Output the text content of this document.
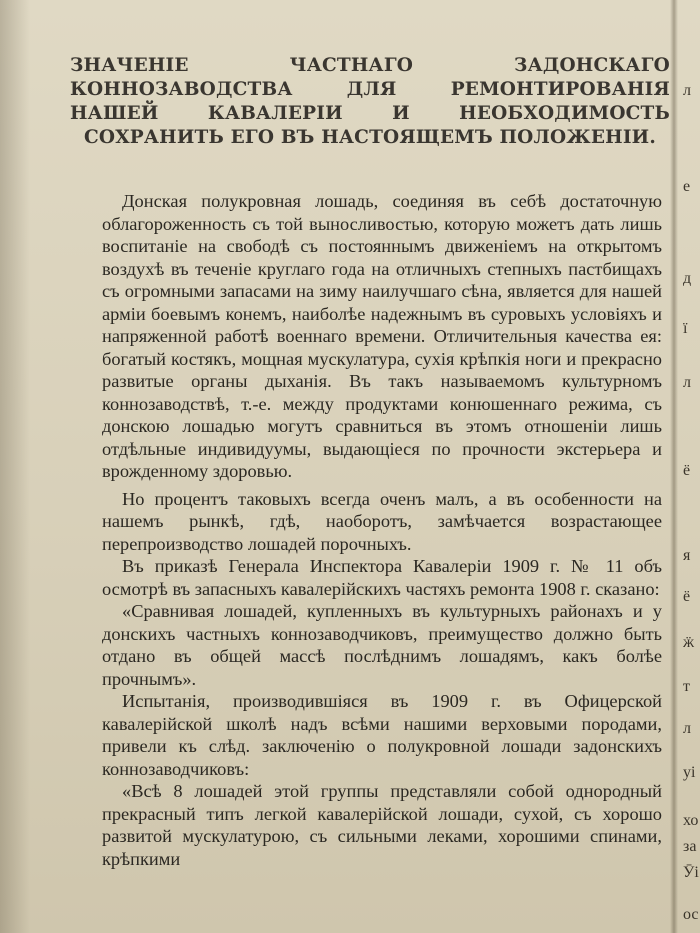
ЗНАЧЕНІЕ ЧАСТНАГО ЗАДОНСКАГО КОННОЗАВОДСТВА ДЛЯ РЕМОНТИРОВАНІЯ НАШЕЙ КАВАЛЕРІИ И НЕОБХОДИМОСТЬ СОХРАНИТЬ ЕГО ВЪ НАСТОЯЩЕМЪ ПОЛОЖЕНІИ.

Донская полукровная лошадь, соединяя въ себѣ достаточную облагороженность съ той выносливостью, которую можетъ дать лишь воспитаніе на свободѣ съ постояннымъ движеніемъ на открытомъ воздухѣ въ теченіе круглаго года на отличныхъ степныхъ пастбищахъ съ огромными запасами на зиму наилучшаго сѣна, является для нашей арміи боевымъ конемъ, наиболѣе надежнымъ въ суровыхъ условіяхъ и напряженной работѣ военнаго времени. Отличительныя качества ея: богатый костякъ, мощная мускулатура, сухія крѣпкія ноги и прекрасно развитые органы дыханія. Въ такъ называемомъ культурномъ коннозаводствѣ, т.-е. между продуктами конюшеннаго режима, съ донскою лошадью могутъ сравниться въ этомъ отношеніи лишь отдѣльные индивидуумы, выдающіеся по прочности экстерьера и врожденному здоровью.

Но процентъ таковыхъ всегда оченъ малъ, а въ особенности на нашемъ рынкѣ, гдѣ, наоборотъ, замѣчается возрастающее перепроизводство лошадей порочныхъ.

Въ приказѣ Генерала Инспектора Кавалеріи 1909 г. № 11 объ осмотрѣ въ запасныхъ кавалерійскихъ частяхъ ремонта 1908 г. сказано:

«Сравнивая лошадей, купленныхъ въ культурныхъ районахъ и у донскихъ частныхъ коннозаводчиковъ, преимущество должно быть отдано въ общей массѣ послѣднимъ лошадямъ, какъ болѣе прочнымъ».

Испытанія, производившіяся въ 1909 г. въ Офицерской кавалерійской школѣ надъ всѣми нашими верховыми породами, привели къ слѣд. заключенію о полукровной лошади задонскихъ коннозаводчиковъ:

«Всѣ 8 лошадей этой группы представляли собой однородный прекрасный типъ легкой кавалерійской лошади, сухой, съ хорошо развитой мускулатурою, съ сильными леками, хорошими спинами, крѣпкими

л
е
д
ї
л
ё
я
ё
ӝ
т
л
уі
хо
за
Ӯі
ос
